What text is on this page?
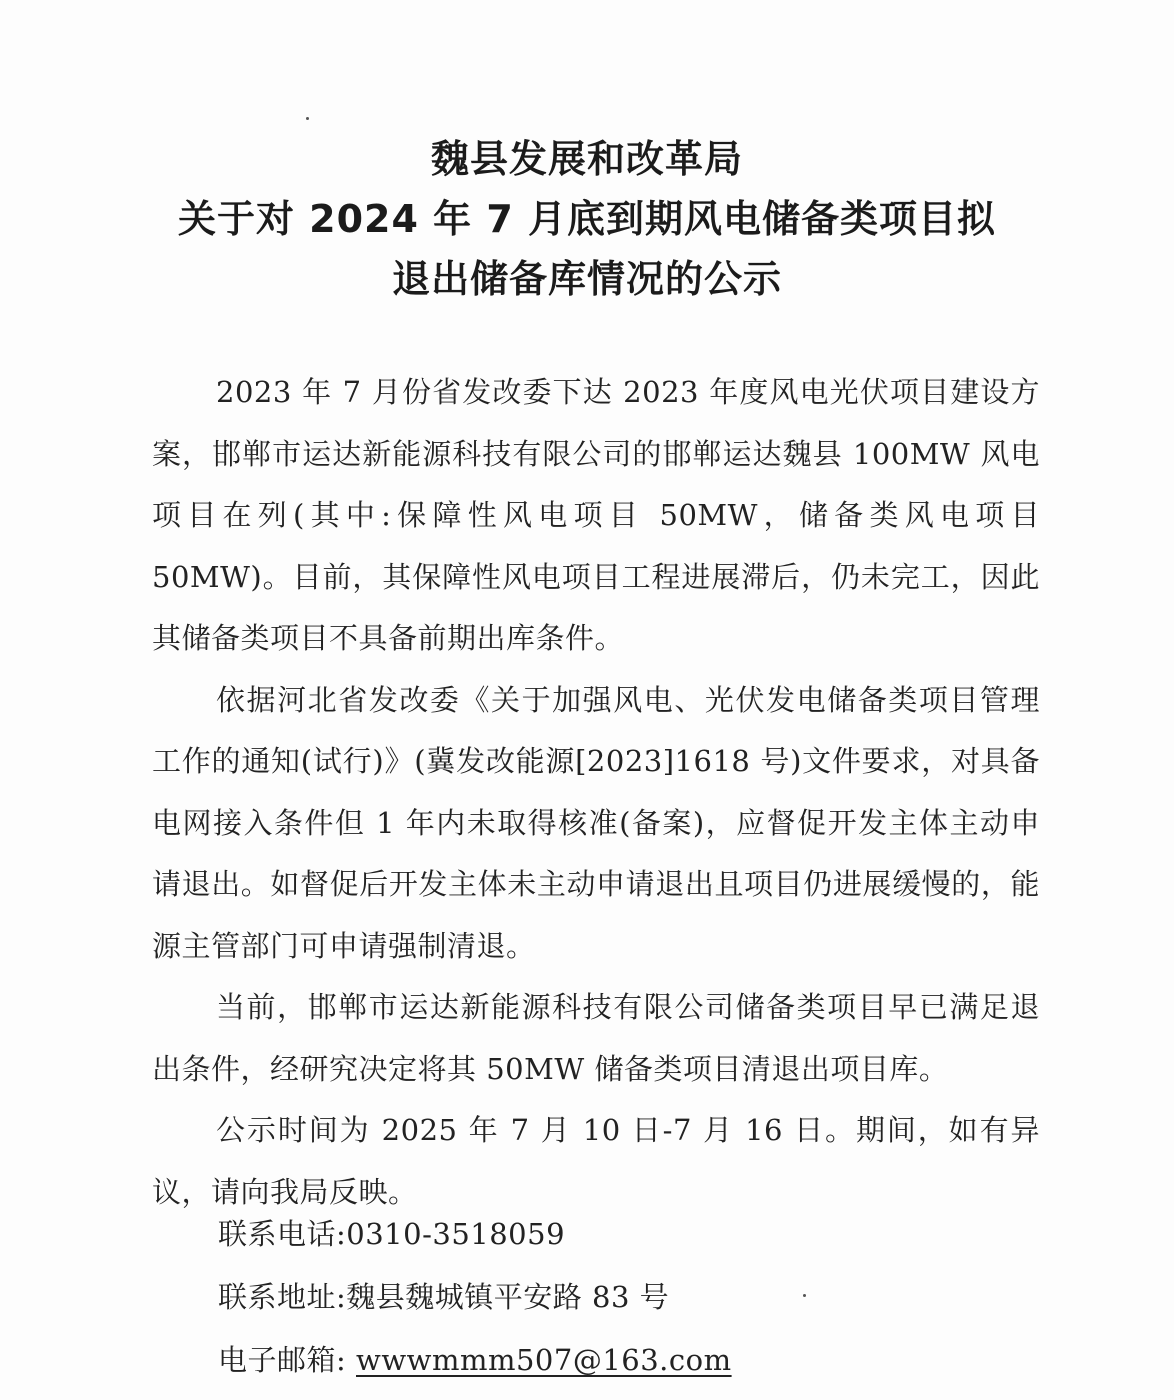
魏县发展和改革局
关于对 2024 年 7 月底到期风电储备类项目拟
退出储备库情况的公示

2023 年 7 月份省发改委下达 2023 年度风电光伏项目建设方案，邯郸市运达新能源科技有限公司的邯郸运达魏县 100MW 风电项目在列(其中:保障性风电项目 50MW，储备类风电项目 50MW)。目前，其保障性风电项目工程进展滞后，仍未完工，因此其储备类项目不具备前期出库条件。

依据河北省发改委《关于加强风电、光伏发电储备类项目管理工作的通知(试行)》(冀发改能源[2023]1618 号)文件要求，对具备电网接入条件但 1 年内未取得核准(备案)，应督促开发主体主动申请退出。如督促后开发主体未主动申请退出且项目仍进展缓慢的，能源主管部门可申请强制清退。

当前，邯郸市运达新能源科技有限公司储备类项目早已满足退出条件，经研究决定将其 50MW 储备类项目清退出项目库。

公示时间为 2025 年 7 月 10 日-7 月 16 日。期间，如有异议，请向我局反映。

联系电话:0310-3518059
联系地址:魏县魏城镇平安路 83 号
电子邮箱: wwwmmm507@163.com
